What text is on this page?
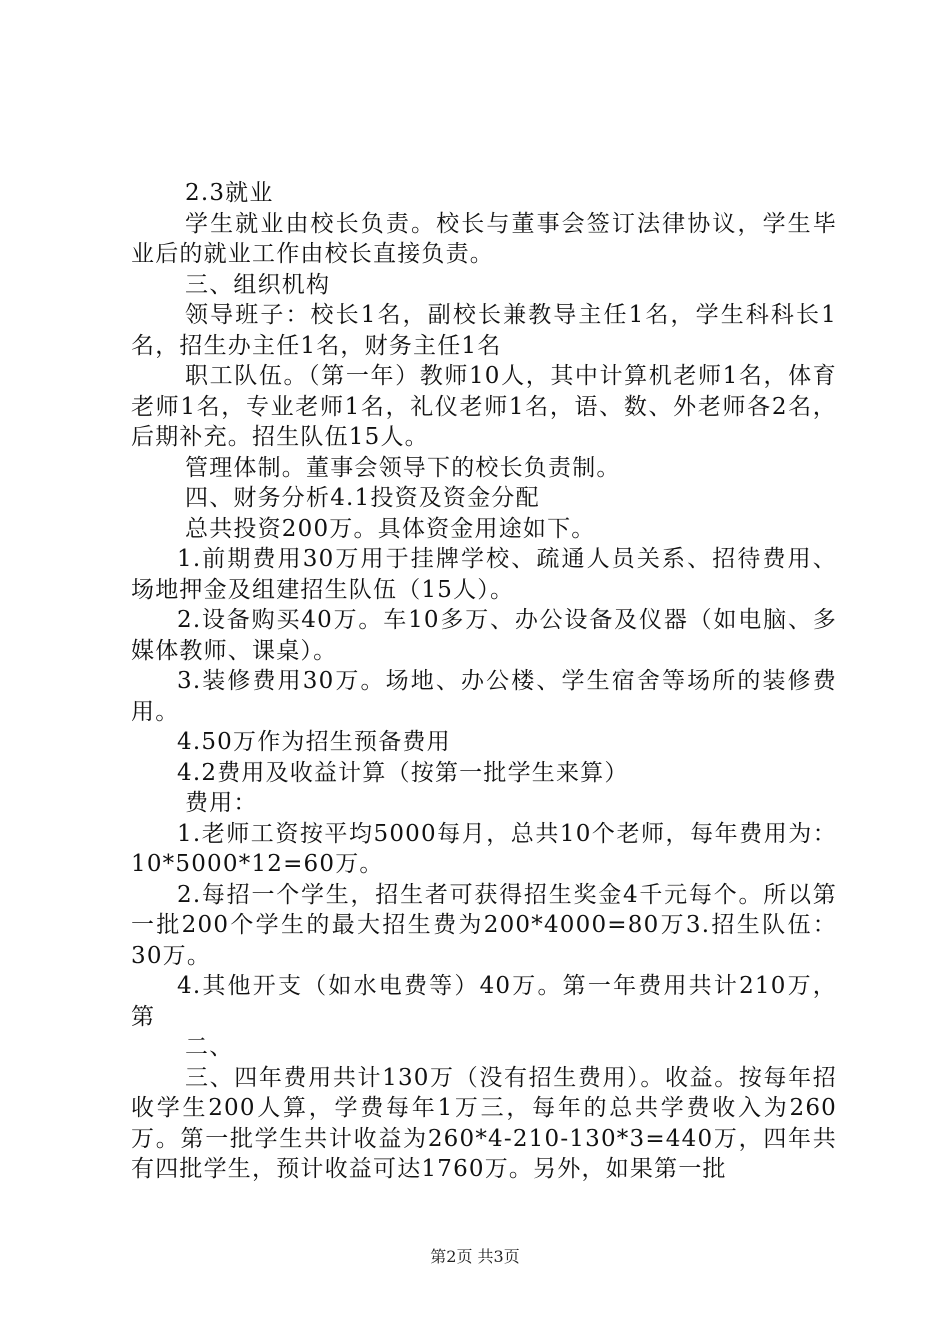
2.3就业

学生就业由校长负责。校长与董事会签订法律协议，学生毕业后的就业工作由校长直接负责。

三、组织机构

领导班子：校长1名，副校长兼教导主任1名，学生科科长1名，招生办主任1名，财务主任1名

职工队伍。（第一年）教师10人，其中计算机老师1名，体育老师1名，专业老师1名，礼仪老师1名，语、数、外老师各2名，后期补充。招生队伍15人。

管理体制。董事会领导下的校长负责制。

四、财务分析4.1投资及资金分配

总共投资200万。具体资金用途如下。

1.前期费用30万用于挂牌学校、疏通人员关系、招待费用、场地押金及组建招生队伍（15人）。

2.设备购买40万。车10多万、办公设备及仪器（如电脑、多媒体教师、课桌）。

3.装修费用30万。场地、办公楼、学生宿舍等场所的装修费用。

4.50万作为招生预备费用

4.2费用及收益计算（按第一批学生来算）

费用：

1.老师工资按平均5000每月，总共10个老师，每年费用为：10*5000*12=60万。

2.每招一个学生，招生者可获得招生奖金4千元每个。所以第一批200个学生的最大招生费为200*4000=80万3.招生队伍：30万。

4.其他开支（如水电费等）40万。第一年费用共计210万，第

二、

三、四年费用共计130万（没有招生费用）。收益。按每年招收学生200人算，学费每年1万三，每年的总共学费收入为260万。第一批学生共计收益为260*4-210-130*3=440万，四年共有四批学生，预计收益可达1760万。另外，如果第一批

第2页 共3页
